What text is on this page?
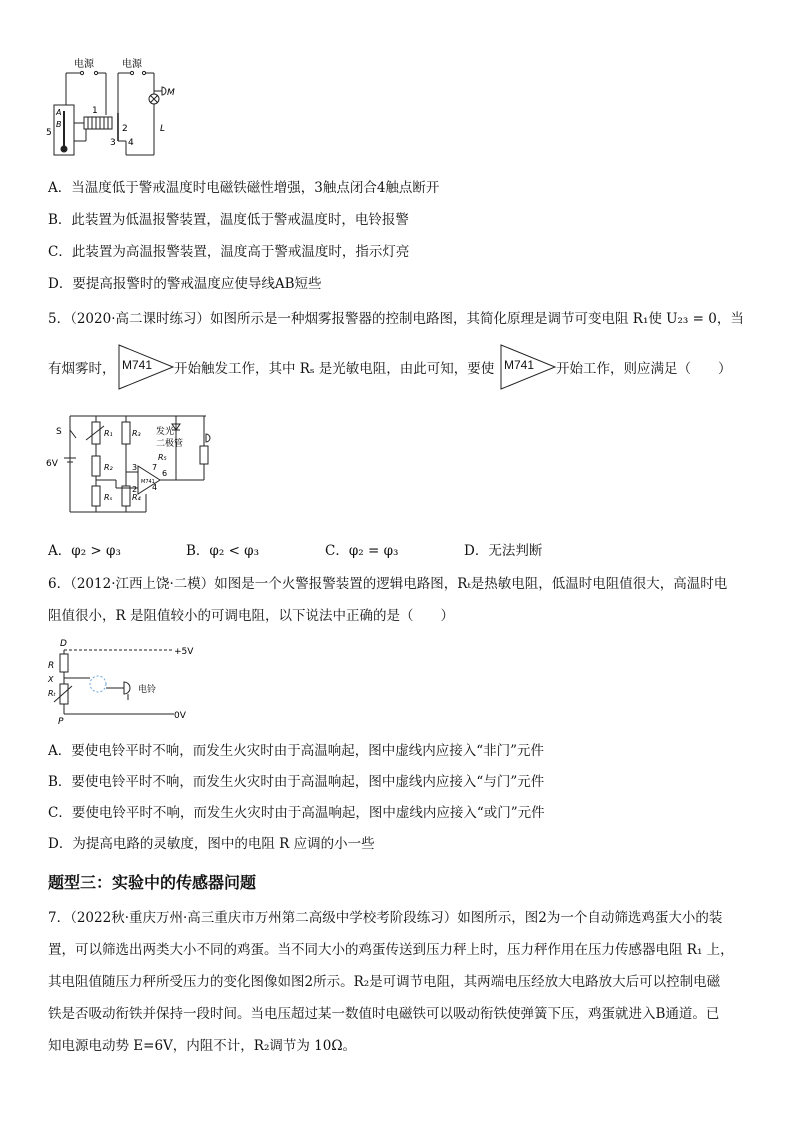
电源	电源
A
B
5
1
2
3 4
M
L
A．当温度低于警戒温度时电磁铁磁性增强，3触点闭合4触点断开
B．此装置为低温报警装置，温度低于警戒温度时，电铃报警
C．此装置为高温报警装置，温度高于警戒温度时，指示灯亮
D．要提高报警时的警戒温度应使导线AB短些
5．（2020·高二课时练习）如图所示是一种烟雾报警器的控制电路图，其简化原理是调节可变电阻 R₁使 U₂₃ = 0，当
有烟雾时， M741 开始触发工作，其中 Rₛ 是光敏电阻，由此可知，要使 M741 开始工作，则应满足（　　）
S
6V
R₁
R₂
Rₛ
R₃
R₄
R₅
发光
二极管
3 7
6
2 4
M741
A．φ₂ > φ₃	B．φ₂ < φ₃	C．φ₂ = φ₃	D．无法判断
6．（2012·江西上饶·二模）如图是一个火警报警装置的逻辑电路图，Rₜ是热敏电阻，低温时电阻值很大，高温时电
阻值很小，R 是阻值较小的可调电阻，以下说法中正确的是（　　）
D
R
X
Rₜ
P
+5V
0V
电铃
A．要使电铃平时不响，而发生火灾时由于高温响起，图中虚线内应接入“非门”元件
B．要使电铃平时不响，而发生火灾时由于高温响起，图中虚线内应接入“与门”元件
C．要使电铃平时不响，而发生火灾时由于高温响起，图中虚线内应接入“或门”元件
D．为提高电路的灵敏度，图中的电阻 R 应调的小一些
题型三：实验中的传感器问题
7．（2022秋·重庆万州·高三重庆市万州第二高级中学校考阶段练习）如图所示，图2为一个自动筛选鸡蛋大小的装
置，可以筛选出两类大小不同的鸡蛋。当不同大小的鸡蛋传送到压力秤上时，压力秤作用在压力传感器电阻 R₁ 上，
其电阻值随压力秤所受压力的变化图像如图2所示。R₂是可调节电阻，其两端电压经放大电路放大后可以控制电磁
铁是否吸动衔铁并保持一段时间。当电压超过某一数值时电磁铁可以吸动衔铁使弹簧下压，鸡蛋就进入B通道。已
知电源电动势 E=6V，内阻不计，R₂调节为 10Ω。
